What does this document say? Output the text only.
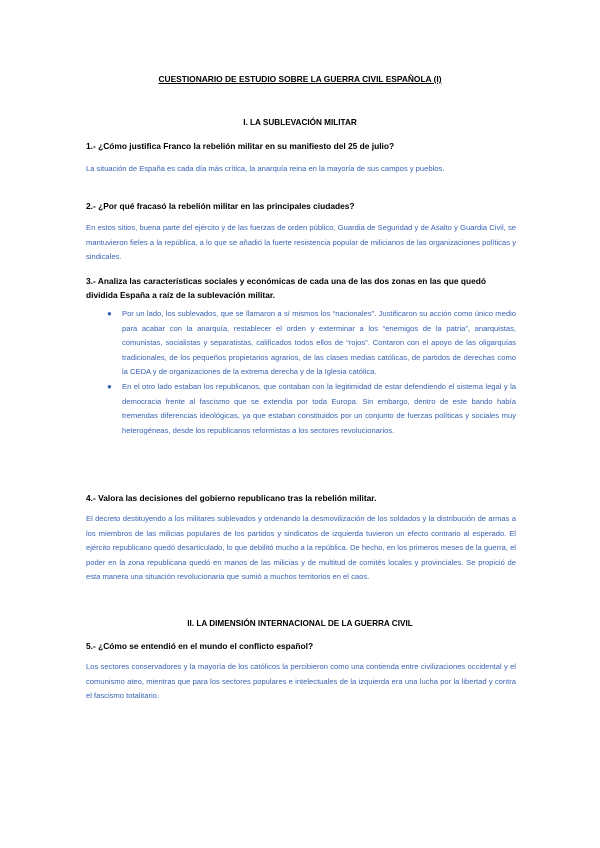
CUESTIONARIO DE ESTUDIO SOBRE LA GUERRA CIVIL ESPAÑOLA (I)
I. LA SUBLEVACIÓN MILITAR
1.- ¿Cómo justifica Franco la rebelión militar en su manifiesto del 25 de julio?
La situación de España es cada día más crítica, la anarquía reina en la mayoría de sus campos y pueblos.
2.- ¿Por qué fracasó la rebelión militar en las principales ciudades?
En estos sitios, buena parte del ejército y de las fuerzas de orden público, Guardia de Seguridad y de Asalto y Guardia Civil, se mantuvieron fieles a la república, a lo que se añadió la fuerte resistencia popular de milicianos de las organizaciones políticas y sindicales.
3.- Analiza las características sociales y económicas de cada una de las dos zonas en las que quedó dividida España a raíz de la sublevación militar.
● Por un lado, los sublevados, que se llamaron a sí mismos los “nacionales”. Justificaron su acción como único medio para acabar con la anarquía, restablecer el orden y exterminar a los “enemigos de la patria”, anarquistas, comunistas, socialistas y separatistas, calificados todos ellos de “rojos”. Contaron con el apoyo de las oligarquías tradicionales, de los pequeños propietarios agrarios, de las clases medias católicas, de partidos de derechas como la CEDA y de organizaciones de la extrema derecha y de la Iglesia católica.
● En el otro lado estaban los republicanos, que contaban con la legitimidad de estar defendiendo el sistema legal y la democracia frente al fascismo que se extendía por toda Europa. Sin embargo, dentro de este bando había tremendas diferencias ideológicas, ya que estaban constituidos por un conjunto de fuerzas políticas y sociales muy heterogéneas, desde los republicanos reformistas a los sectores revolucionarios.
4.- Valora las decisiones del gobierno republicano tras la rebelión militar.
El decreto destituyendo a los militares sublevados y ordenando la desmovilización de los soldados y la distribución de armas a los miembros de las milicias populares de los partidos y sindicatos de izquierda tuvieron un efecto contrario al esperado. El ejército republicano quedó desarticulado, lo que debilitó mucho a la república. De hecho, en los primeros meses de la guerra, el poder en la zona republicana quedó en manos de las milicias y de multitud de comités locales y provinciales. Se propició de esta manera una situación revolucionaria que sumió a muchos territorios en el caos.
II. LA DIMENSIÓN INTERNACIONAL DE LA GUERRA CIVIL
5.- ¿Cómo se entendió en el mundo el conflicto español?
Los sectores conservadores y la mayoría de los católicos la percibieron como una contienda entre civilizaciones occidental y el comunismo ateo, mientras que para los sectores populares e intelectuales de la izquierda era una lucha por la libertad y contra el fascismo totalitario.
